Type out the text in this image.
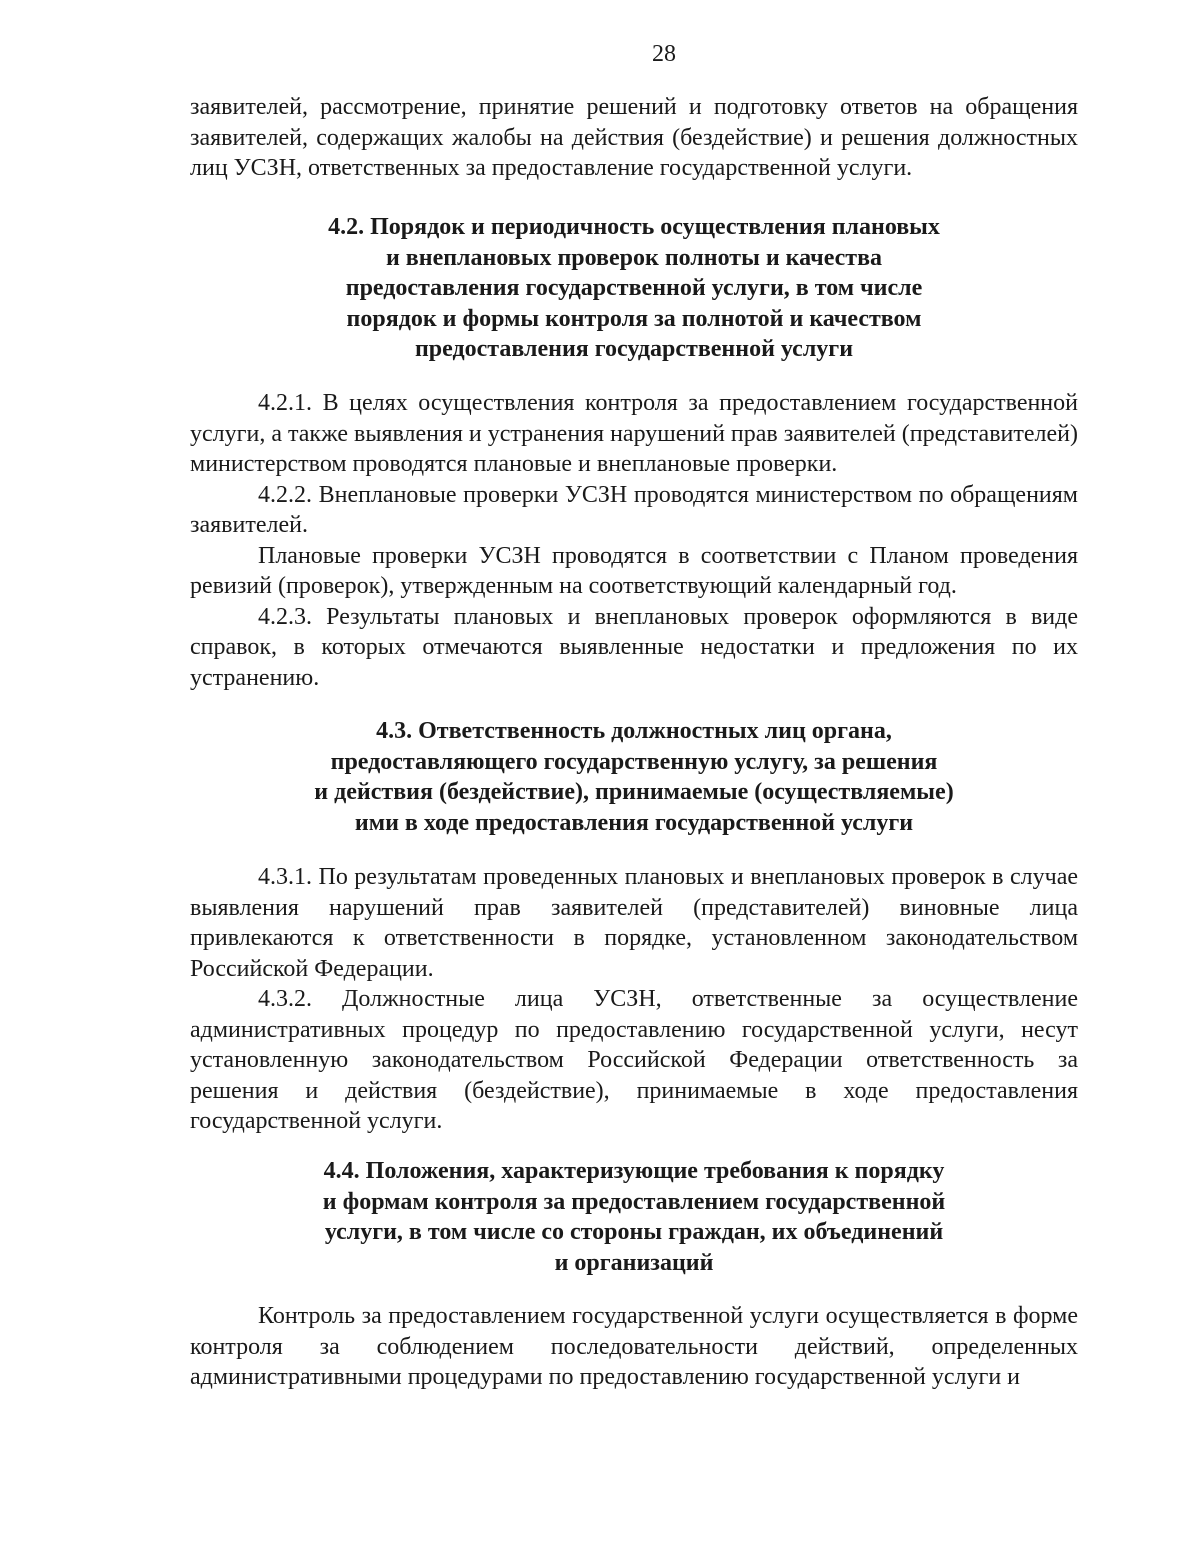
28

заявителей, рассмотрение, принятие решений и подготовку ответов на обращения заявителей, содержащих жалобы на действия (бездействие) и решения должностных лиц УСЗН, ответственных за предоставление государственной услуги.

4.2. Порядок и периодичность осуществления плановых
и внеплановых проверок полноты и качества
предоставления государственной услуги, в том числе
порядок и формы контроля за полнотой и качеством
предоставления государственной услуги

4.2.1. В целях осуществления контроля за предоставлением государственной услуги, а также выявления и устранения нарушений прав заявителей (представителей) министерством проводятся плановые и внеплановые проверки.

4.2.2. Внеплановые проверки УСЗН проводятся министерством по обращениям заявителей.

Плановые проверки УСЗН проводятся в соответствии с Планом проведения ревизий (проверок), утвержденным на соответствующий календарный год.

4.2.3. Результаты плановых и внеплановых проверок оформляются в виде справок, в которых отмечаются выявленные недостатки и предложения по их устранению.

4.3. Ответственность должностных лиц органа,
предоставляющего государственную услугу, за решения
и действия (бездействие), принимаемые (осуществляемые)
ими в ходе предоставления государственной услуги

4.3.1. По результатам проведенных плановых и внеплановых проверок в случае выявления нарушений прав заявителей (представителей) виновные лица привлекаются к ответственности в порядке, установленном законодательством Российской Федерации.

4.3.2. Должностные лица УСЗН, ответственные за осуществление административных процедур по предоставлению государственной услуги, несут установленную законодательством Российской Федерации ответственность за решения и действия (бездействие), принимаемые в ходе предоставления государственной услуги.

4.4. Положения, характеризующие требования к порядку
и формам контроля за предоставлением государственной
услуги, в том числе со стороны граждан, их объединений
и организаций

Контроль за предоставлением государственной услуги осуществляется в форме контроля за соблюдением последовательности действий, определенных административными процедурами по предоставлению государственной услуги и
